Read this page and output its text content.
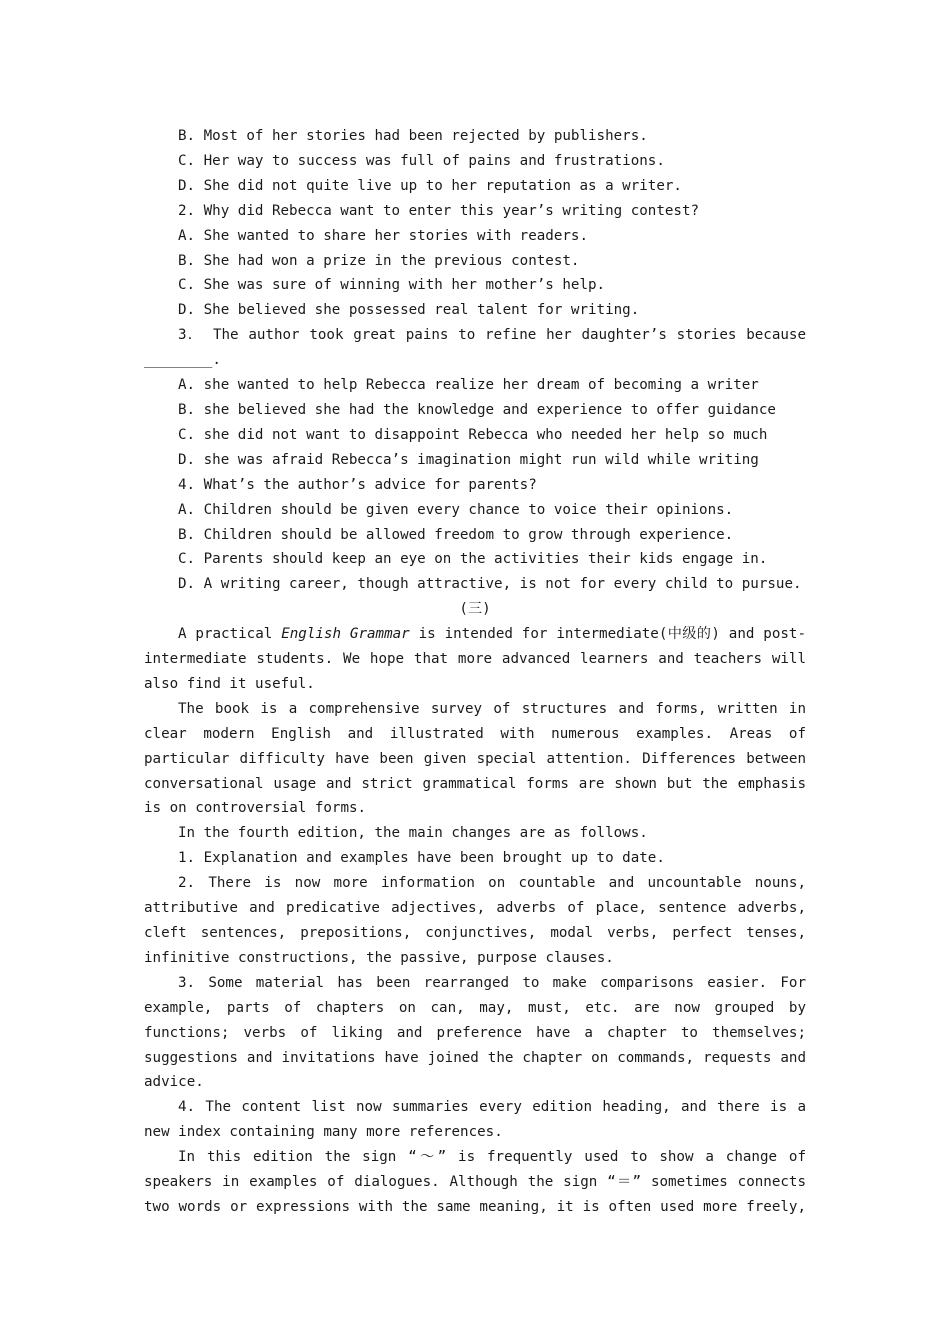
B. Most of her stories had been rejected by publishers.

C. Her way to success was full of pains and frustrations.

D. She did not quite live up to her reputation as a writer.

2. Why did Rebecca want to enter this year’s writing contest?

A. She wanted to share her stories with readers.

B. She had won a prize in the previous contest.

C. She was sure of winning with her mother’s help.

D. She believed she possessed real talent for writing.

3． The author took great pains to refine her daughter’s stories because

________.

A. she wanted to help Rebecca realize her dream of becoming a writer

B. she believed she had the knowledge and experience to offer guidance

C. she did not want to disappoint Rebecca who needed her help so much

D. she was afraid Rebecca’s imagination might run wild while writing

4. What’s the author’s advice for parents?

A. Children should be given every chance to voice their opinions.

B. Children should be allowed freedom to grow through experience.

C. Parents should keep an eye on the activities their kids engage in.

D. A writing career, though attractive, is not for every child to pursue.

(三)

A practical English Grammar is intended for intermediate(中级的) and post-intermediate students. We hope that more advanced learners and teachers will also find it useful.

The book is a comprehensive survey of structures and forms, written in clear modern English and illustrated with numerous examples. Areas of particular difficulty have been given special attention. Differences between conversational usage and strict grammatical forms are shown but the emphasis is on controversial forms.

In the fourth edition, the main changes are as follows.

1. Explanation and examples have been brought up to date.

2. There is now more information on countable and uncountable nouns, attributive and predicative adjectives, adverbs of place, sentence adverbs, cleft sentences, prepositions, conjunctives, modal verbs, perfect tenses, infinitive constructions, the passive, purpose clauses.

3. Some material has been rearranged to make comparisons easier. For example, parts of chapters on can, may, must, etc. are now grouped by functions; verbs of liking and preference have a chapter to themselves; suggestions and invitations have joined the chapter on commands, requests and advice.

4. The content list now summaries every edition heading, and there is a new index containing many more references.

In this edition the sign “～” is frequently used to show a change of speakers in examples of dialogues. Although the sign “＝” sometimes connects two words or expressions with the same meaning, it is often used more freely,
